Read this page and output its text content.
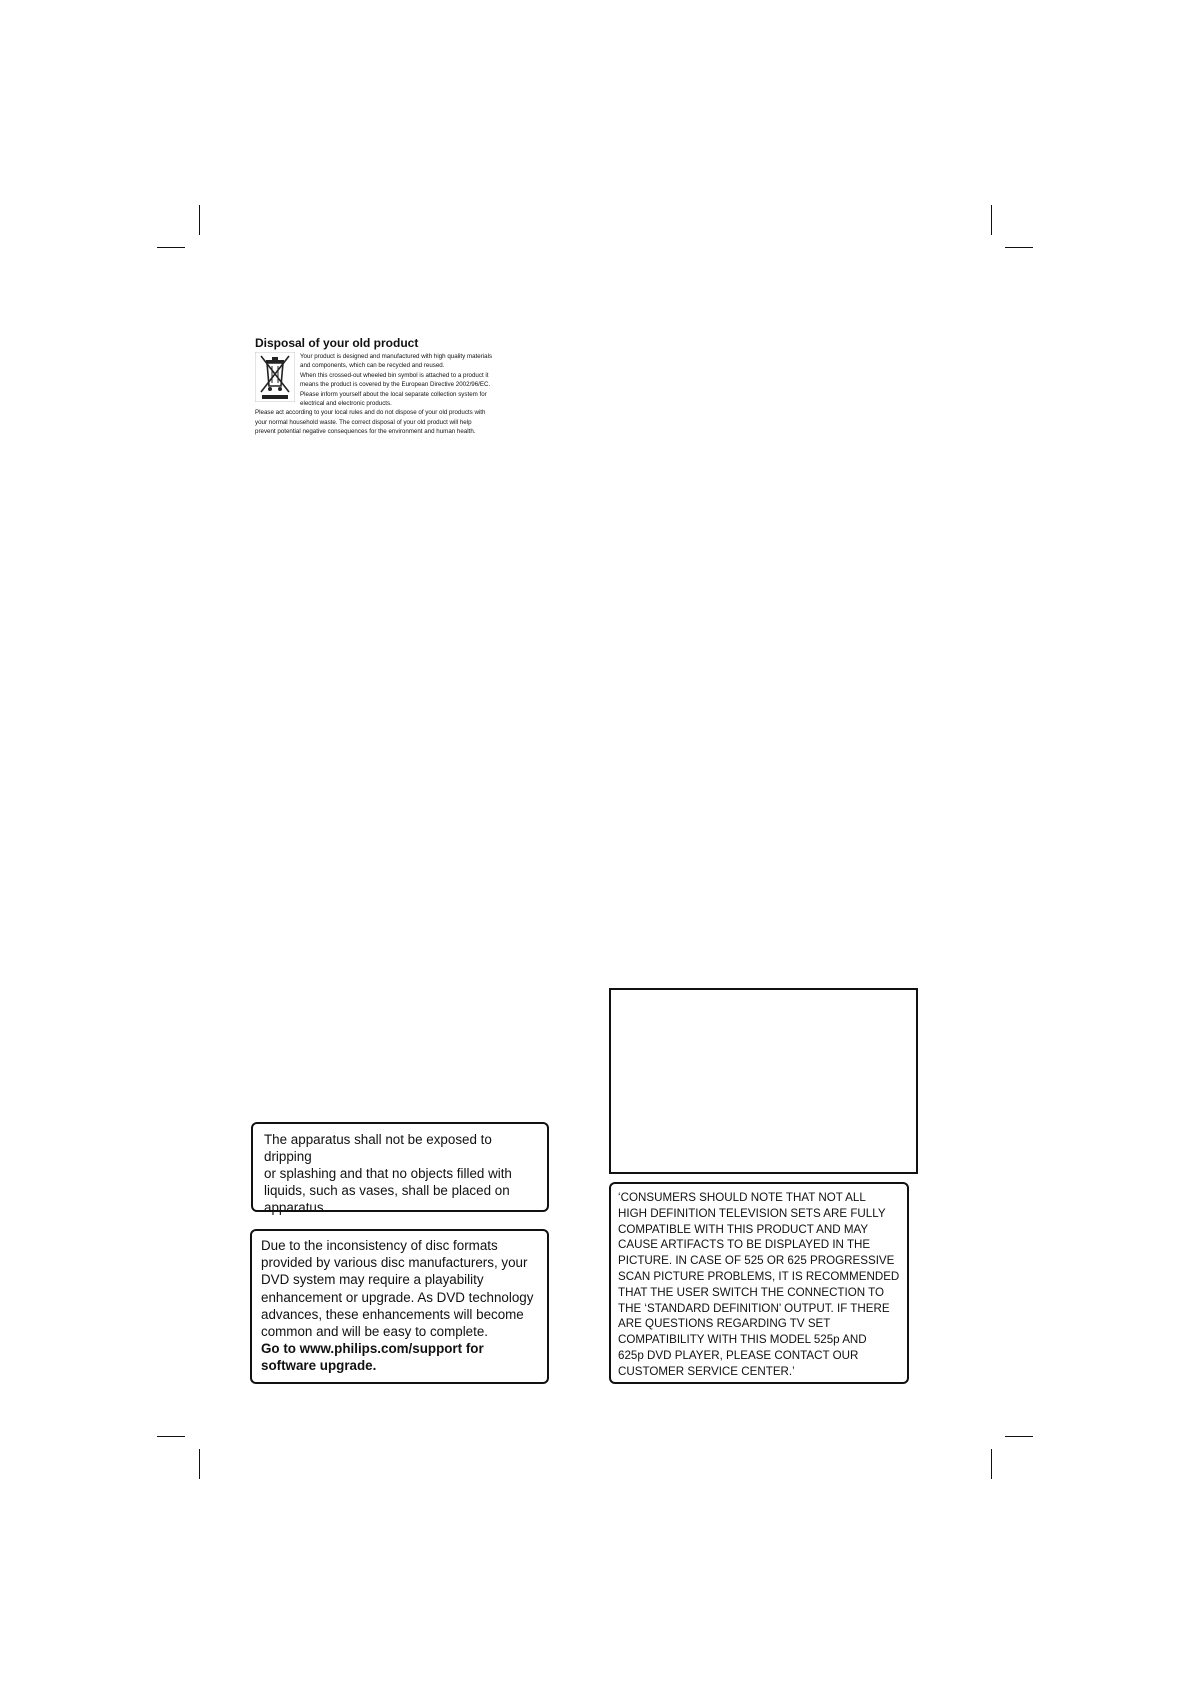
Disposal of your old product

Your product is designed and manufactured with high quality materials

and components, which can be recycled and reused.

When this crossed-out wheeled bin symbol is attached to a product it

means the product is covered by the European Directive 2002/96/EC.

Please inform yourself about the local separate collection system for

electrical and electronic products.

Please act according to your local rules and do not dispose of your old products with

your normal household waste. The correct disposal of your old product will help

prevent potential negative consequences for the environment and human health.

The apparatus shall not be exposed to dripping

or splashing and that no objects filled with

liquids, such as vases, shall be placed on

apparatus.

Due to the inconsistency of disc formats

provided by various disc manufacturers, your

DVD system may require a playability

enhancement or upgrade. As DVD technology

advances, these enhancements will become

common and will be easy to complete.

Go to www.philips.com/support for

software upgrade.

‘CONSUMERS SHOULD NOTE THAT NOT ALL

HIGH DEFINITION TELEVISION SETS ARE FULLY

COMPATIBLE WITH THIS PRODUCT AND MAY

CAUSE ARTIFACTS TO BE DISPLAYED IN THE

PICTURE. IN CASE OF 525 OR 625 PROGRESSIVE

SCAN PICTURE PROBLEMS, IT IS RECOMMENDED

THAT THE USER SWITCH THE CONNECTION TO

THE ‘STANDARD DEFINITION’ OUTPUT. IF THERE

ARE QUESTIONS REGARDING TV SET

COMPATIBILITY WITH THIS MODEL 525p AND

625p DVD PLAYER, PLEASE CONTACT OUR

CUSTOMER SERVICE CENTER.’
